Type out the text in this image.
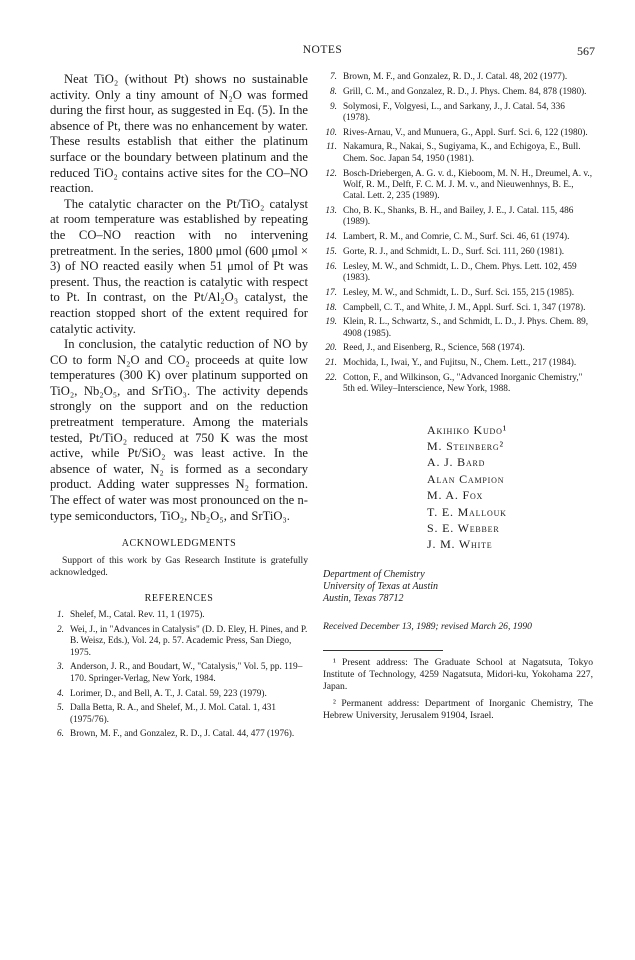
NOTES	567

Neat TiO₂ (without Pt) shows no sustainable activity. Only a tiny amount of N₂O was formed during the first hour, as suggested in Eq. (5). In the absence of Pt, there was no enhancement by water. These results establish that either the platinum surface or the boundary between platinum and the reduced TiO₂ contains active sites for the CO–NO reaction.

The catalytic character on the Pt/TiO₂ catalyst at room temperature was established by repeating the CO–NO reaction with no intervening pretreatment. In the series, 1800 μmol (600 μmol × 3) of NO reacted easily when 51 μmol of Pt was present. Thus, the reaction is catalytic with respect to Pt. In contrast, on the Pt/Al₂O₃ catalyst, the reaction stopped short of the extent required for catalytic activity.

In conclusion, the catalytic reduction of NO by CO to form N₂O and CO₂ proceeds at quite low temperatures (300 K) over platinum supported on TiO₂, Nb₂O₅, and SrTiO₃. The activity depends strongly on the support and on the reduction pretreatment temperature. Among the materials tested, Pt/TiO₂ reduced at 750 K was the most active, while Pt/SiO₂ was least active. In the absence of water, N₂ is formed as a secondary product. Adding water suppresses N₂ formation. The effect of water was most pronounced on the n-type semiconductors, TiO₂, Nb₂O₅, and SrTiO₃.

ACKNOWLEDGMENTS

Support of this work by Gas Research Institute is gratefully acknowledged.

REFERENCES
1. Shelef, M., Catal. Rev. 11, 1 (1975).
2. Wei, J., in "Advances in Catalysis" (D. D. Eley, H. Pines, and P. B. Weisz, Eds.), Vol. 24, p. 57. Academic Press, San Diego, 1975.
3. Anderson, J. R., and Boudart, W., "Catalysis," Vol. 5, pp. 119–170. Springer-Verlag, New York, 1984.
4. Lorimer, D., and Bell, A. T., J. Catal. 59, 223 (1979).
5. Dalla Betta, R. A., and Shelef, M., J. Mol. Catal. 1, 431 (1975/76).
6. Brown, M. F., and Gonzalez, R. D., J. Catal. 44, 477 (1976).
7. Brown, M. F., and Gonzalez, R. D., J. Catal. 48, 202 (1977).
8. Grill, C. M., and Gonzalez, R. D., J. Phys. Chem. 84, 878 (1980).
9. Solymosi, F., Volgyesi, L., and Sarkany, J., J. Catal. 54, 336 (1978).
10. Rives-Arnau, V., and Munuera, G., Appl. Surf. Sci. 6, 122 (1980).
11. Nakamura, R., Nakai, S., Sugiyama, K., and Echigoya, E., Bull. Chem. Soc. Japan 54, 1950 (1981).
12. Bosch-Driebergen, A. G. v. d., Kieboom, M. N. H., Dreumel, A. v., Wolf, R. M., Delft, F. C. M. J. M. v., and Nieuwenhnys, B. E., Catal. Lett. 2, 235 (1989).
13. Cho, B. K., Shanks, B. H., and Bailey, J. E., J. Catal. 115, 486 (1989).
14. Lambert, R. M., and Comrie, C. M., Surf. Sci. 46, 61 (1974).
15. Gorte, R. J., and Schmidt, L. D., Surf. Sci. 111, 260 (1981).
16. Lesley, M. W., and Schmidt, L. D., Chem. Phys. Lett. 102, 459 (1983).
17. Lesley, M. W., and Schmidt, L. D., Surf. Sci. 155, 215 (1985).
18. Campbell, C. T., and White, J. M., Appl. Surf. Sci. 1, 347 (1978).
19. Klein, R. L., Schwartz, S., and Schmidt, L. D., J. Phys. Chem. 89, 4908 (1985).
20. Reed, J., and Eisenberg, R., Science, 568 (1974).
21. Mochida, I., Iwai, Y., and Fujitsu, N., Chem. Lett., 217 (1984).
22. Cotton, F., and Wilkinson, G., "Advanced Inorganic Chemistry," 5th ed. Wiley–Interscience, New York, 1988.
Akihiko Kudo¹
M. Steinberg²
A. J. Bard
Alan Campion
M. A. Fox
T. E. Mallouk
S. E. Webber
J. M. White
Department of Chemistry
University of Texas at Austin
Austin, Texas 78712
Received December 13, 1989; revised March 26, 1990

¹ Present address: The Graduate School at Nagatsuta, Tokyo Institute of Technology, 4259 Nagatsuta, Midori-ku, Yokohama 227, Japan.

² Permanent address: Department of Inorganic Chemistry, The Hebrew University, Jerusalem 91904, Israel.
